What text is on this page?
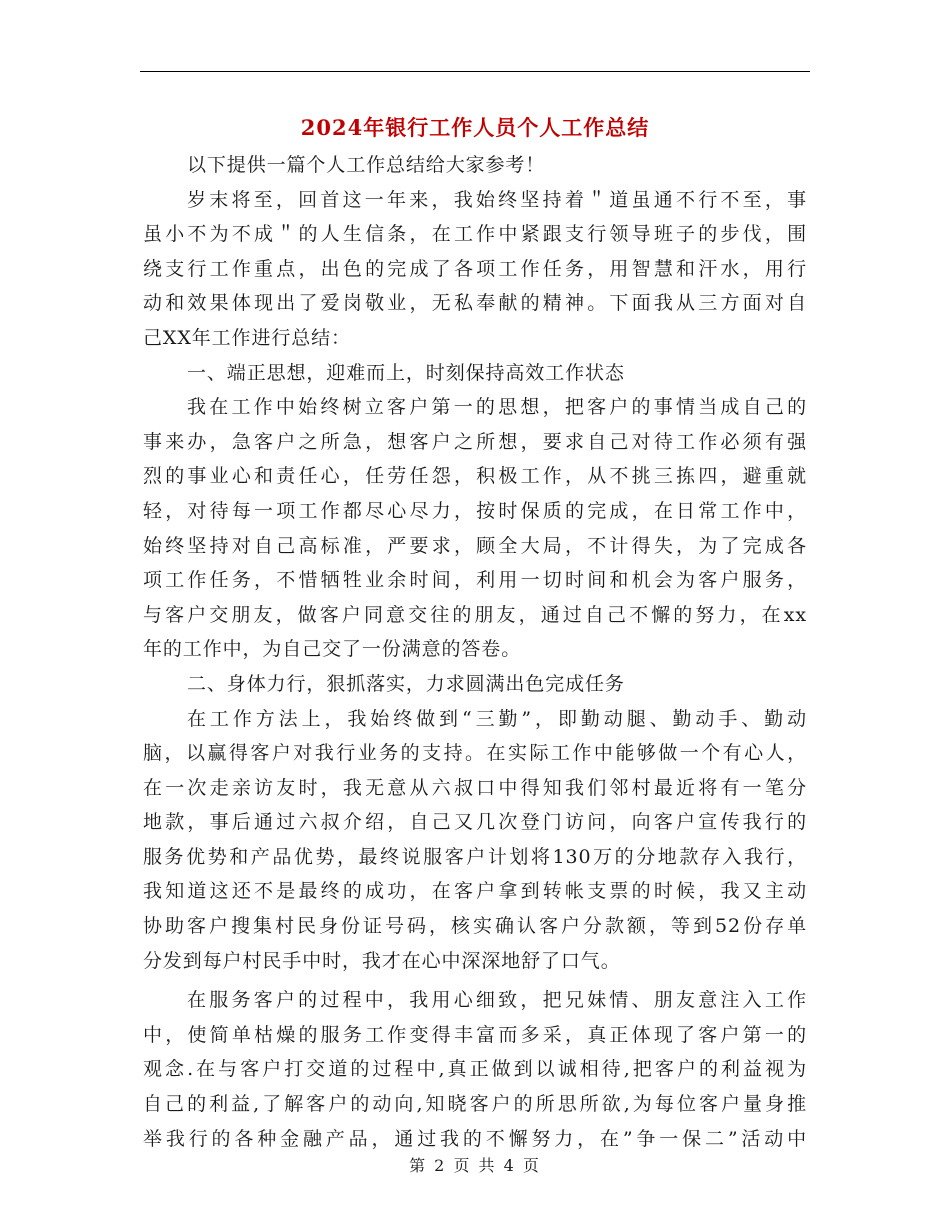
2024年银行工作人员个人工作总结
以下提供一篇个人工作总结给大家参考！
岁末将至，回首这一年来，我始终坚持着＂道虽通不行不至，事
虽小不为不成＂的人生信条，在工作中紧跟支行领导班子的步伐，围
绕支行工作重点，出色的完成了各项工作任务，用智慧和汗水，用行
动和效果体现出了爱岗敬业，无私奉献的精神。下面我从三方面对自
己XX年工作进行总结：
一、端正思想，迎难而上，时刻保持高效工作状态
我在工作中始终树立客户第一的思想，把客户的事情当成自己的
事来办，急客户之所急，想客户之所想，要求自己对待工作必须有强
烈的事业心和责任心，任劳任怨，积极工作，从不挑三拣四，避重就
轻，对待每一项工作都尽心尽力，按时保质的完成，在日常工作中，
始终坚持对自己高标准，严要求，顾全大局，不计得失，为了完成各
项工作任务，不惜牺牲业余时间，利用一切时间和机会为客户服务，
与客户交朋友，做客户同意交往的朋友，通过自己不懈的努力，在xx
年的工作中，为自己交了一份满意的答卷。
二、身体力行，狠抓落实，力求圆满出色完成任务
在工作方法上，我始终做到“三勤”，即勤动腿、勤动手、勤动
脑，以赢得客户对我行业务的支持。在实际工作中能够做一个有心人，
在一次走亲访友时，我无意从六叔口中得知我们邻村最近将有一笔分
地款，事后通过六叔介绍，自己又几次登门访问，向客户宣传我行的
服务优势和产品优势，最终说服客户计划将130万的分地款存入我行，
我知道这还不是最终的成功，在客户拿到转帐支票的时候，我又主动
协助客户搜集村民身份证号码，核实确认客户分款额，等到52份存单
分发到每户村民手中时，我才在心中深深地舒了口气。
在服务客户的过程中，我用心细致，把兄妹情、朋友意注入工作
中，使简单枯燥的服务工作变得丰富而多采，真正体现了客户第一的
观念.在与客户打交道的过程中,真正做到以诚相待,把客户的利益视为
自己的利益,了解客户的动向,知晓客户的所思所欲,为每位客户量身推
举我行的各种金融产品，通过我的不懈努力，在”争一保二”活动中
第 2 页 共 4 页
